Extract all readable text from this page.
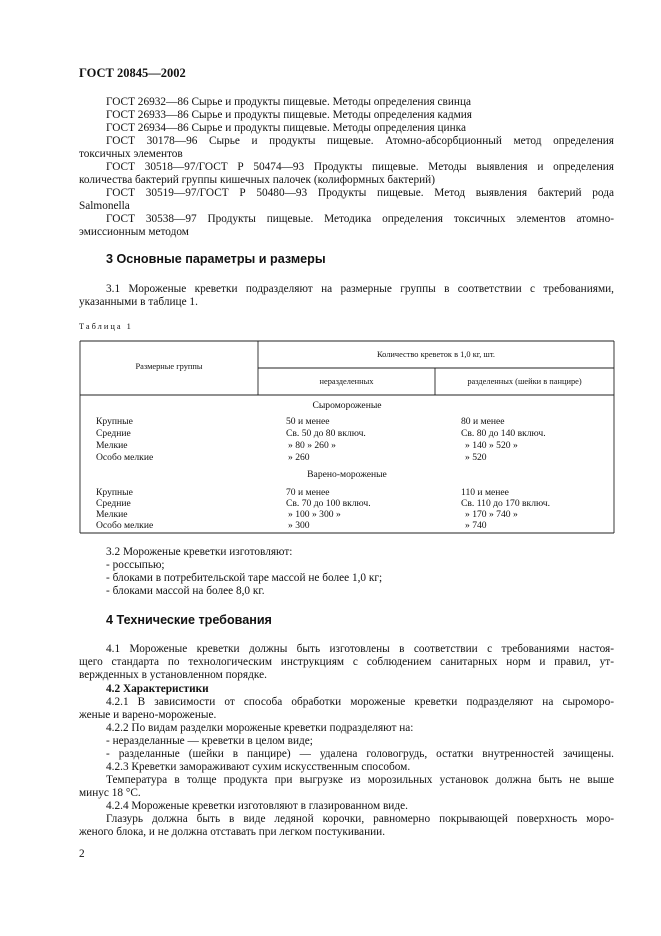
ГОСТ 20845—2002
ГОСТ 26932—86 Сырье и продукты пищевые. Методы определения свинца
ГОСТ 26933—86 Сырье и продукты пищевые. Методы определения кадмия
ГОСТ 26934—86 Сырье и продукты пищевые. Методы определения цинка
ГОСТ 30178—96 Сырье и продукты пищевые. Атомно-абсорбционный метод определения
токсичных элементов
ГОСТ 30518—97/ГОСТ Р 50474—93 Продукты пищевые. Методы выявления и определения
количества бактерий группы кишечных палочек (колиформных бактерий)
ГОСТ 30519—97/ГОСТ Р 50480—93 Продукты пищевые. Метод выявления бактерий рода
Salmonella
ГОСТ 30538—97 Продукты пищевые. Методика определения токсичных элементов атомно-
эмиссионным методом
3 Основные параметры и размеры
3.1 Мороженые креветки подразделяют на размерные группы в соответствии с требованиями,
указанными в таблице 1.
Таблица 1
Размерные группы
Количество креветок в 1,0 кг, шт.
неразделенных	разделенных (шейки в панцире)
Сыромороженые
Крупные	50 и менее	80 и менее
Средние	Св. 50 до 80 включ.	Св. 80 до 140 включ.
Мелкие	» 80 » 260 »	» 140 » 520 »
Особо мелкие	» 260	» 520
Варено-мороженые
Крупные	70 и менее	110 и менее
Средние	Св. 70 до 100 включ.	Св. 110 до 170 включ.
Мелкие	» 100 » 300 »	» 170 » 740 »
Особо мелкие	» 300	» 740
3.2 Мороженые креветки изготовляют:
- россыпью;
- блоками в потребительской таре массой не более 1,0 кг;
- блоками массой на более 8,0 кг.
4 Технические требования
4.1 Мороженые креветки должны быть изготовлены в соответствии с требованиями настоя-
щего стандарта по технологическим инструкциям с соблюдением санитарных норм и правил, ут-
вержденных в установленном порядке.
4.2 Характеристики
4.2.1 В зависимости от способа обработки мороженые креветки подразделяют на сыроморо-
женые и варено-мороженые.
4.2.2 По видам разделки мороженые креветки подразделяют на:
- неразделанные — креветки в целом виде;
- разделанные (шейки в панцире) — удалена головогрудь, остатки внутренностей зачищены.
4.2.3 Креветки замораживают сухим искусственным способом.
Температура в толще продукта при выгрузке из морозильных установок должна быть не выше
минус 18 °С.
4.2.4 Мороженые креветки изготовляют в глазированном виде.
Глазурь должна быть в виде ледяной корочки, равномерно покрывающей поверхность моро-
женого блока, и не должна отставать при легком постукивании.
2
